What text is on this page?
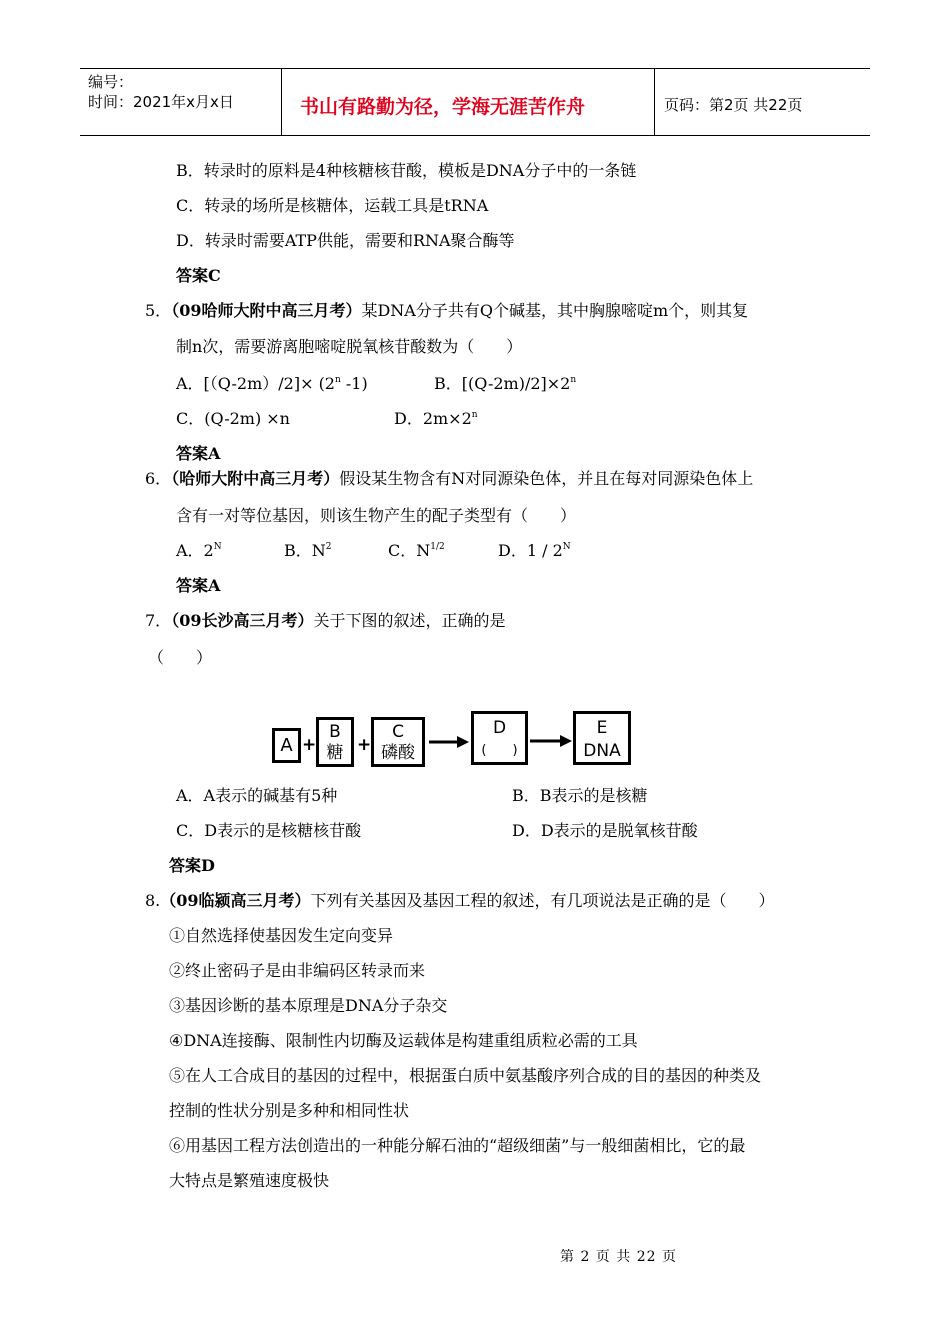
编号：
时间：2021年x月x日	书山有路勤为径，学海无涯苦作舟	页码：第2页 共22页
B．转录时的原料是4种核糖核苷酸，模板是DNA分子中的一条链
C．转录的场所是核糖体，运载工具是tRNA
D．转录时需要ATP供能，需要和RNA聚合酶等
答案C
5．（09哈师大附中高三月考）某DNA分子共有Q个碱基，其中胸腺嘧啶m个，则其复
制n次，需要游离胞嘧啶脱氧核苷酸数为（　　）
A．$[(Q-2m)/2]\times (2^n$ -1)	B．$[(Q-2m)/2]\times 2^n$
C．(Q-2m) ×n	D．$2m\times 2^n$
答案A
6．（哈师大附中高三月考）假设某生物含有N对同源染色体，并且在每对同源染色体上
含有一对等位基因，则该生物产生的配子类型有（　　）
A．$2^N$	B．$N^2$	C．$N^{1/2}$	D．$1 / 2^N$
答案A
7．（09长沙高三月考）关于下图的叙述，正确的是
（　　）
A +
B
糖 +
C
磷酸
D
(　　)
E
DNA
A．A表示的碱基有5种	B．B表示的是核糖
C．D表示的是核糖核苷酸	D．D表示的是脱氧核苷酸
答案D
8.（09临颍高三月考）下列有关基因及基因工程的叙述，有几项说法是正确的是（　　）
①自然选择使基因发生定向变异
②终止密码子是由非编码区转录而来
③基因诊断的基本原理是DNA分子杂交
④DNA连接酶、限制性内切酶及运载体是构建重组质粒必需的工具
⑤在人工合成目的基因的过程中，根据蛋白质中氨基酸序列合成的目的基因的种类及
控制的性状分别是多种和相同性状
⑥用基因工程方法创造出的一种能分解石油的“超级细菌”与一般细菌相比，它的最
大特点是繁殖速度极快
第 2 页 共 22 页
